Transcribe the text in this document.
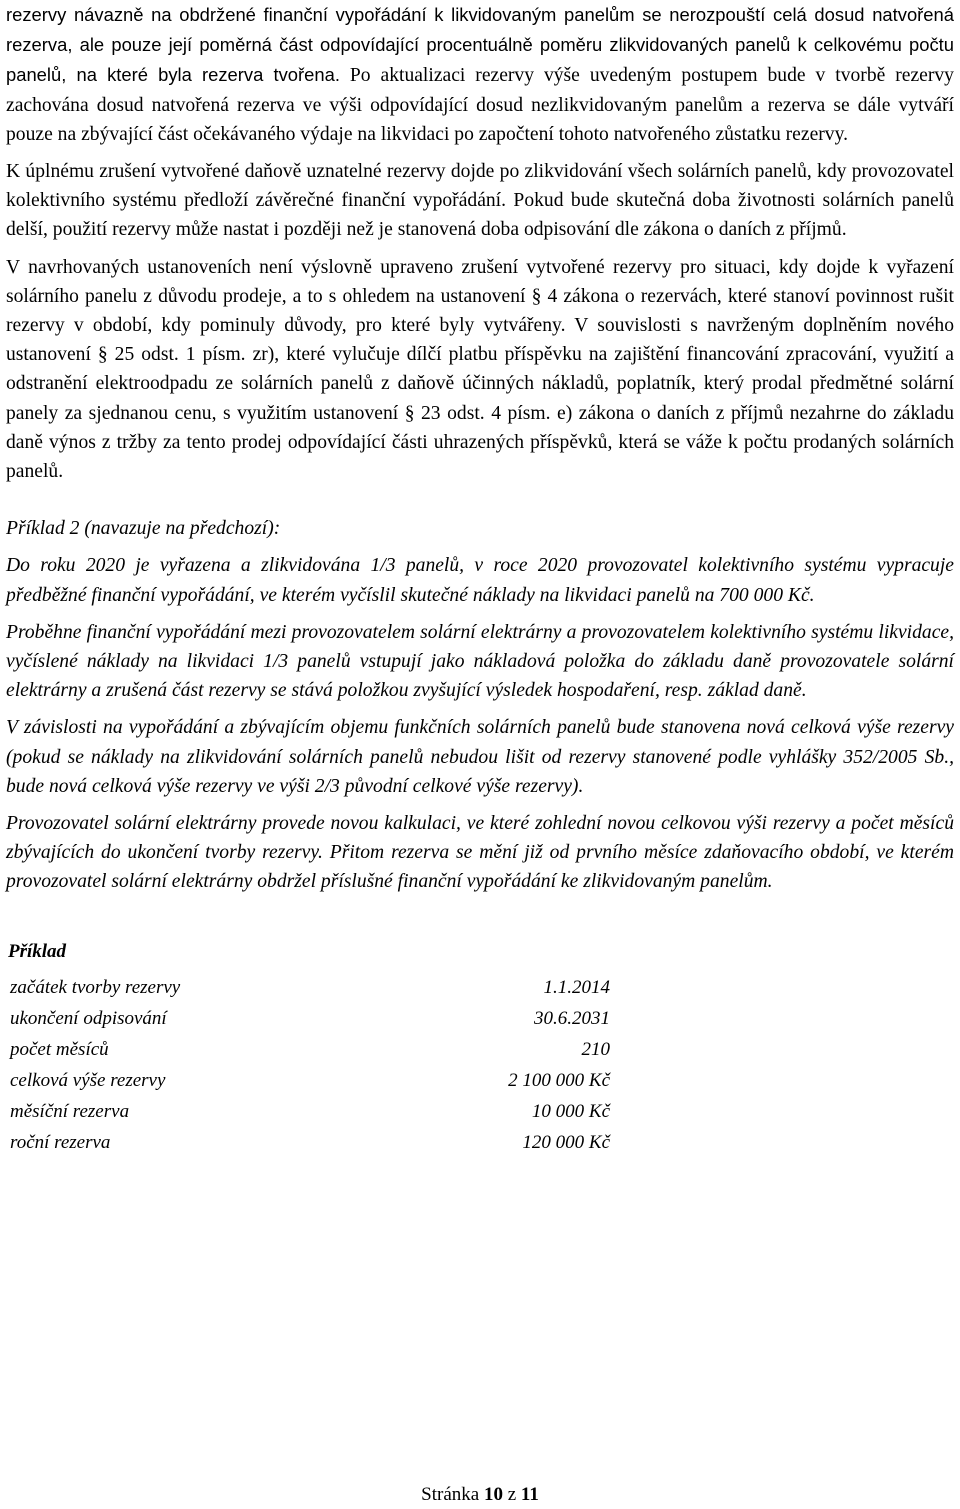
rezervy návazně na obdržené finanční vypořádání k likvidovaným panelům se nerozpouští celá dosud natvořená rezerva, ale pouze její poměrná část odpovídající procentuálně poměru zlikvidovaných panelů k celkovému počtu panelů, na které byla rezerva tvořena. Po aktualizaci rezervy výše uvedeným postupem bude v tvorbě rezervy zachována dosud natvořená rezerva ve výši odpovídající dosud nezlikvidovaným panelům a rezerva se dále vytváří pouze na zbývající část očekávaného výdaje na likvidaci po započtení tohoto natvořeného zůstatku rezervy.

K úplnému zrušení vytvořené daňově uznatelné rezervy dojde po zlikvidování všech solárních panelů, kdy provozovatel kolektivního systému předloží závěrečné finanční vypořádání. Pokud bude skutečná doba životnosti solárních panelů delší, použití rezervy může nastat i později než je stanovená doba odpisování dle zákona o daních z příjmů.

V navrhovaných ustanoveních není výslovně upraveno zrušení vytvořené rezervy pro situaci, kdy dojde k vyřazení solárního panelu z důvodu prodeje, a to s ohledem na ustanovení § 4 zákona o rezervách, které stanoví povinnost rušit rezervy v období, kdy pominuly důvody, pro které byly vytvářeny. V souvislosti s navrženým doplněním nového ustanovení § 25 odst. 1 písm. zr), které vylučuje dílčí platbu příspěvku na zajištění financování zpracování, využití a odstranění elektroodpadu ze solárních panelů z daňově účinných nákladů, poplatník, který prodal předmětné solární panely za sjednanou cenu, s využitím ustanovení § 23 odst. 4 písm. e) zákona o daních z příjmů nezahrne do základu daně výnos z tržby za tento prodej odpovídající části uhrazených příspěvků, která se váže k počtu prodaných solárních panelů.

Příklad 2 (navazuje na předchozí):

Do roku 2020 je vyřazena a zlikvidována 1/3 panelů, v roce 2020 provozovatel kolektivního systému vypracuje předběžné finanční vypořádání, ve kterém vyčíslil skutečné náklady na likvidaci panelů na 700 000 Kč.

Proběhne finanční vypořádání mezi provozovatelem solární elektrárny a provozovatelem kolektivního systému likvidace, vyčíslené náklady na likvidaci 1/3 panelů vstupují jako nákladová položka do základu daně provozovatele solární elektrárny a zrušená část rezervy se stává položkou zvyšující výsledek hospodaření, resp. základ daně.

V závislosti na vypořádání a zbývajícím objemu funkčních solárních panelů bude stanovena nová celková výše rezervy (pokud se náklady na zlikvidování solárních panelů nebudou lišit od rezervy stanovené podle vyhlášky 352/2005 Sb., bude nová celková výše rezervy ve výši 2/3 původní celkové výše rezervy).

Provozovatel solární elektrárny provede novou kalkulaci, ve které zohlední novou celkovou výši rezervy a počet měsíců zbývajících do ukončení tvorby rezervy. Přitom rezerva se mění již od prvního měsíce zdaňovacího období, ve kterém provozovatel solární elektrárny obdržel příslušné finanční vypořádání ke zlikvidovaným panelům.

Příklad

začátek tvorby rezervy	1.1.2014
ukončení odpisování	30.6.2031
počet měsíců	210
celková výše rezervy	2 100 000 Kč
měsíční rezerva	10 000 Kč
roční rezerva	120 000 Kč
Stránka 10 z 11
